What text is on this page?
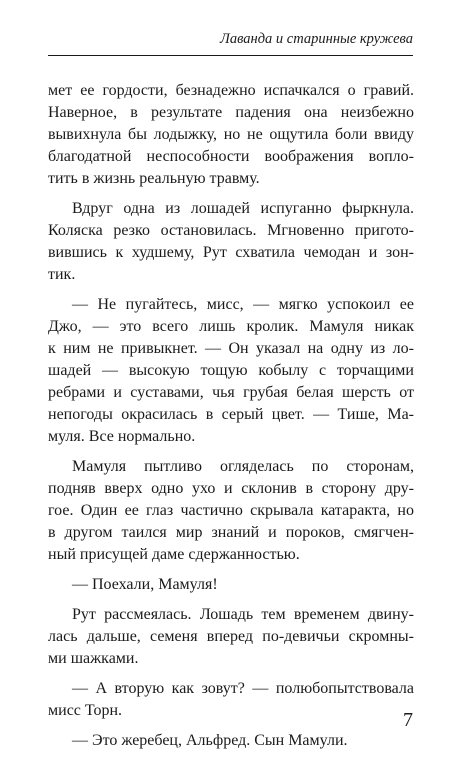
Лаванда и старинные кружева

мет ее гордости, безнадежно испачкался о гравий.
Наверное, в результате падения она неизбежно
вывихнула бы лодыжку, но не ощутила боли ввиду
благодатной неспособности воображения вопло-
тить в жизнь реальную травму.

Вдруг одна из лошадей испуганно фыркнула.
Коляска резко остановилась. Мгновенно пригото-
вившись к худшему, Рут схватила чемодан и зон-
тик.

— Не пугайтесь, мисс, — мягко успокоил ее
Джо, — это всего лишь кролик. Мамуля никак
к ним не привыкнет. — Он указал на одну из ло-
шадей — высокую тощую кобылу с торчащими
ребрами и суставами, чья грубая белая шерсть от
непогоды окрасилась в серый цвет. — Тише, Ма-
муля. Все нормально.

Мамуля пытливо огляделась по сторонам,
подняв вверх одно ухо и склонив в сторону дру-
гое. Один ее глаз частично скрывала катаракта, но
в другом таился мир знаний и пороков, смягчен-
ный присущей даме сдержанностью.

— Поехали, Мамуля!

Рут рассмеялась. Лошадь тем временем двину-
лась дальше, семеня вперед по-девичьи скромны-
ми шажками.

— А вторую как зовут? — полюбопытствовала
мисс Торн.

— Это жеребец, Альфред. Сын Мамули.

7
